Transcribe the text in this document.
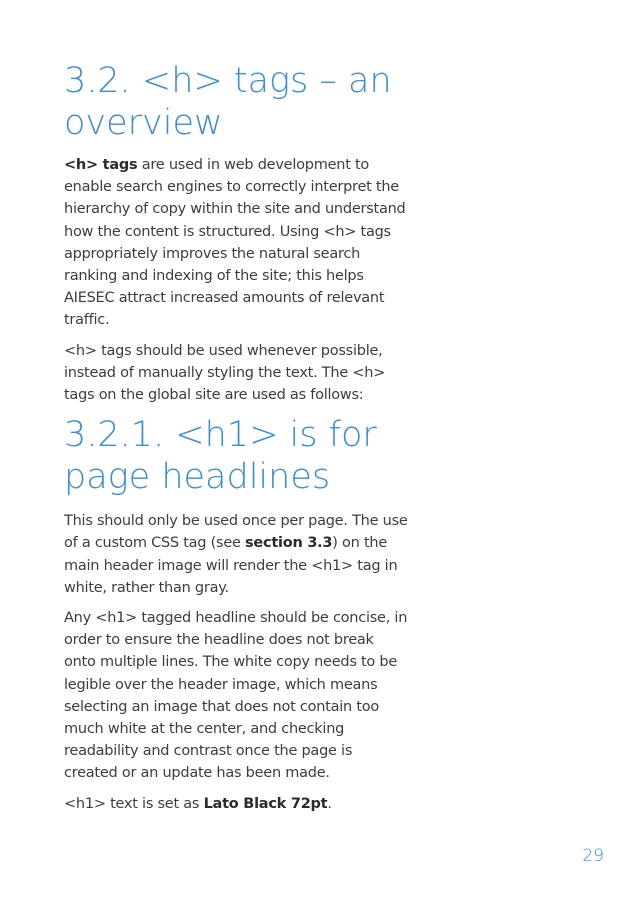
3.2. <h> tags – an
overview

<h> tags are used in web development to enable search engines to correctly interpret the hierarchy of copy within the site and understand how the content is structured. Using <h> tags appropriately improves the natural search ranking and indexing of the site; this helps AIESEC attract increased amounts of relevant traffic.

<h> tags should be used whenever possible, instead of manually styling the text. The <h> tags on the global site are used as follows:

3.2.1. <h1> is for
page headlines

This should only be used once per page. The use of a custom CSS tag (see section 3.3) on the main header image will render the <h1> tag in white, rather than gray.

Any <h1> tagged headline should be concise, in order to ensure the headline does not break onto multiple lines. The white copy needs to be legible over the header image, which means selecting an image that does not contain too much white at the center, and checking readability and contrast once the page is created or an update has been made.

<h1> text is set as Lato Black 72pt.

29
